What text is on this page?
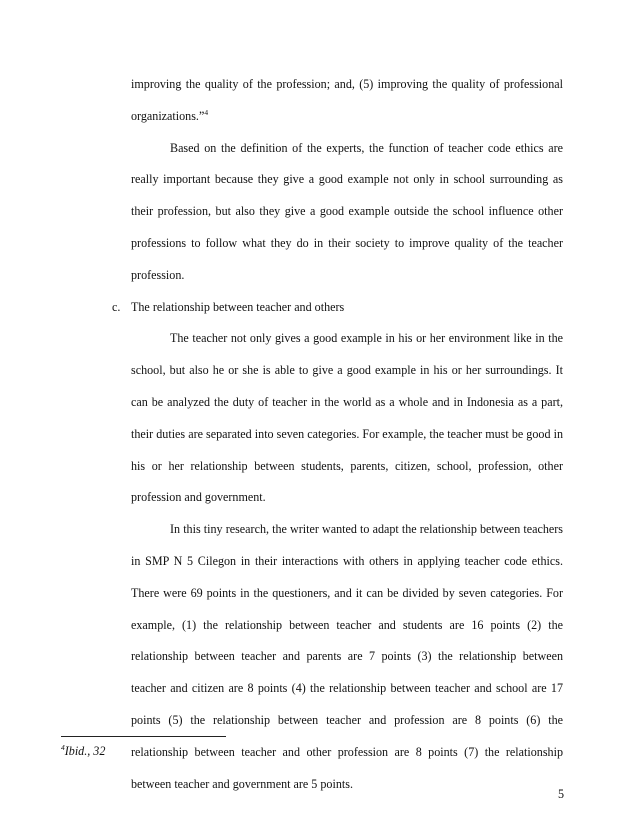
improving the quality of the profession; and, (5) improving the quality of professional organizations.”$^4$

Based on the definition of the experts, the function of teacher code ethics are really important because they give a good example not only in school surrounding as their profession, but also they give a good example outside the school influence other professions to follow what they do in their society to improve quality of the teacher profession.

c. The relationship between teacher and others

The teacher not only gives a good example in his or her environment like in the school, but also he or she is able to give a good example in his or her surroundings. It can be analyzed the duty of teacher in the world as a whole and in Indonesia as a part, their duties are separated into seven categories. For example, the teacher must be good in his or her relationship between students, parents, citizen, school, profession, other profession and government.

In this tiny research, the writer wanted to adapt the relationship between teachers in SMP N 5 Cilegon in their interactions with others in applying teacher code ethics. There were 69 points in the questioners, and it can be divided by seven categories. For example, (1) the relationship between teacher and students are 16 points (2) the relationship between teacher and parents are 7 points (3) the relationship between teacher and citizen are 8 points (4) the relationship between teacher and school are 17 points (5) the relationship between teacher and profession are 8 points (6) the relationship between teacher and other profession are 8 points (7) the relationship between teacher and government are 5 points.

$^4$Ibid., 32
5
